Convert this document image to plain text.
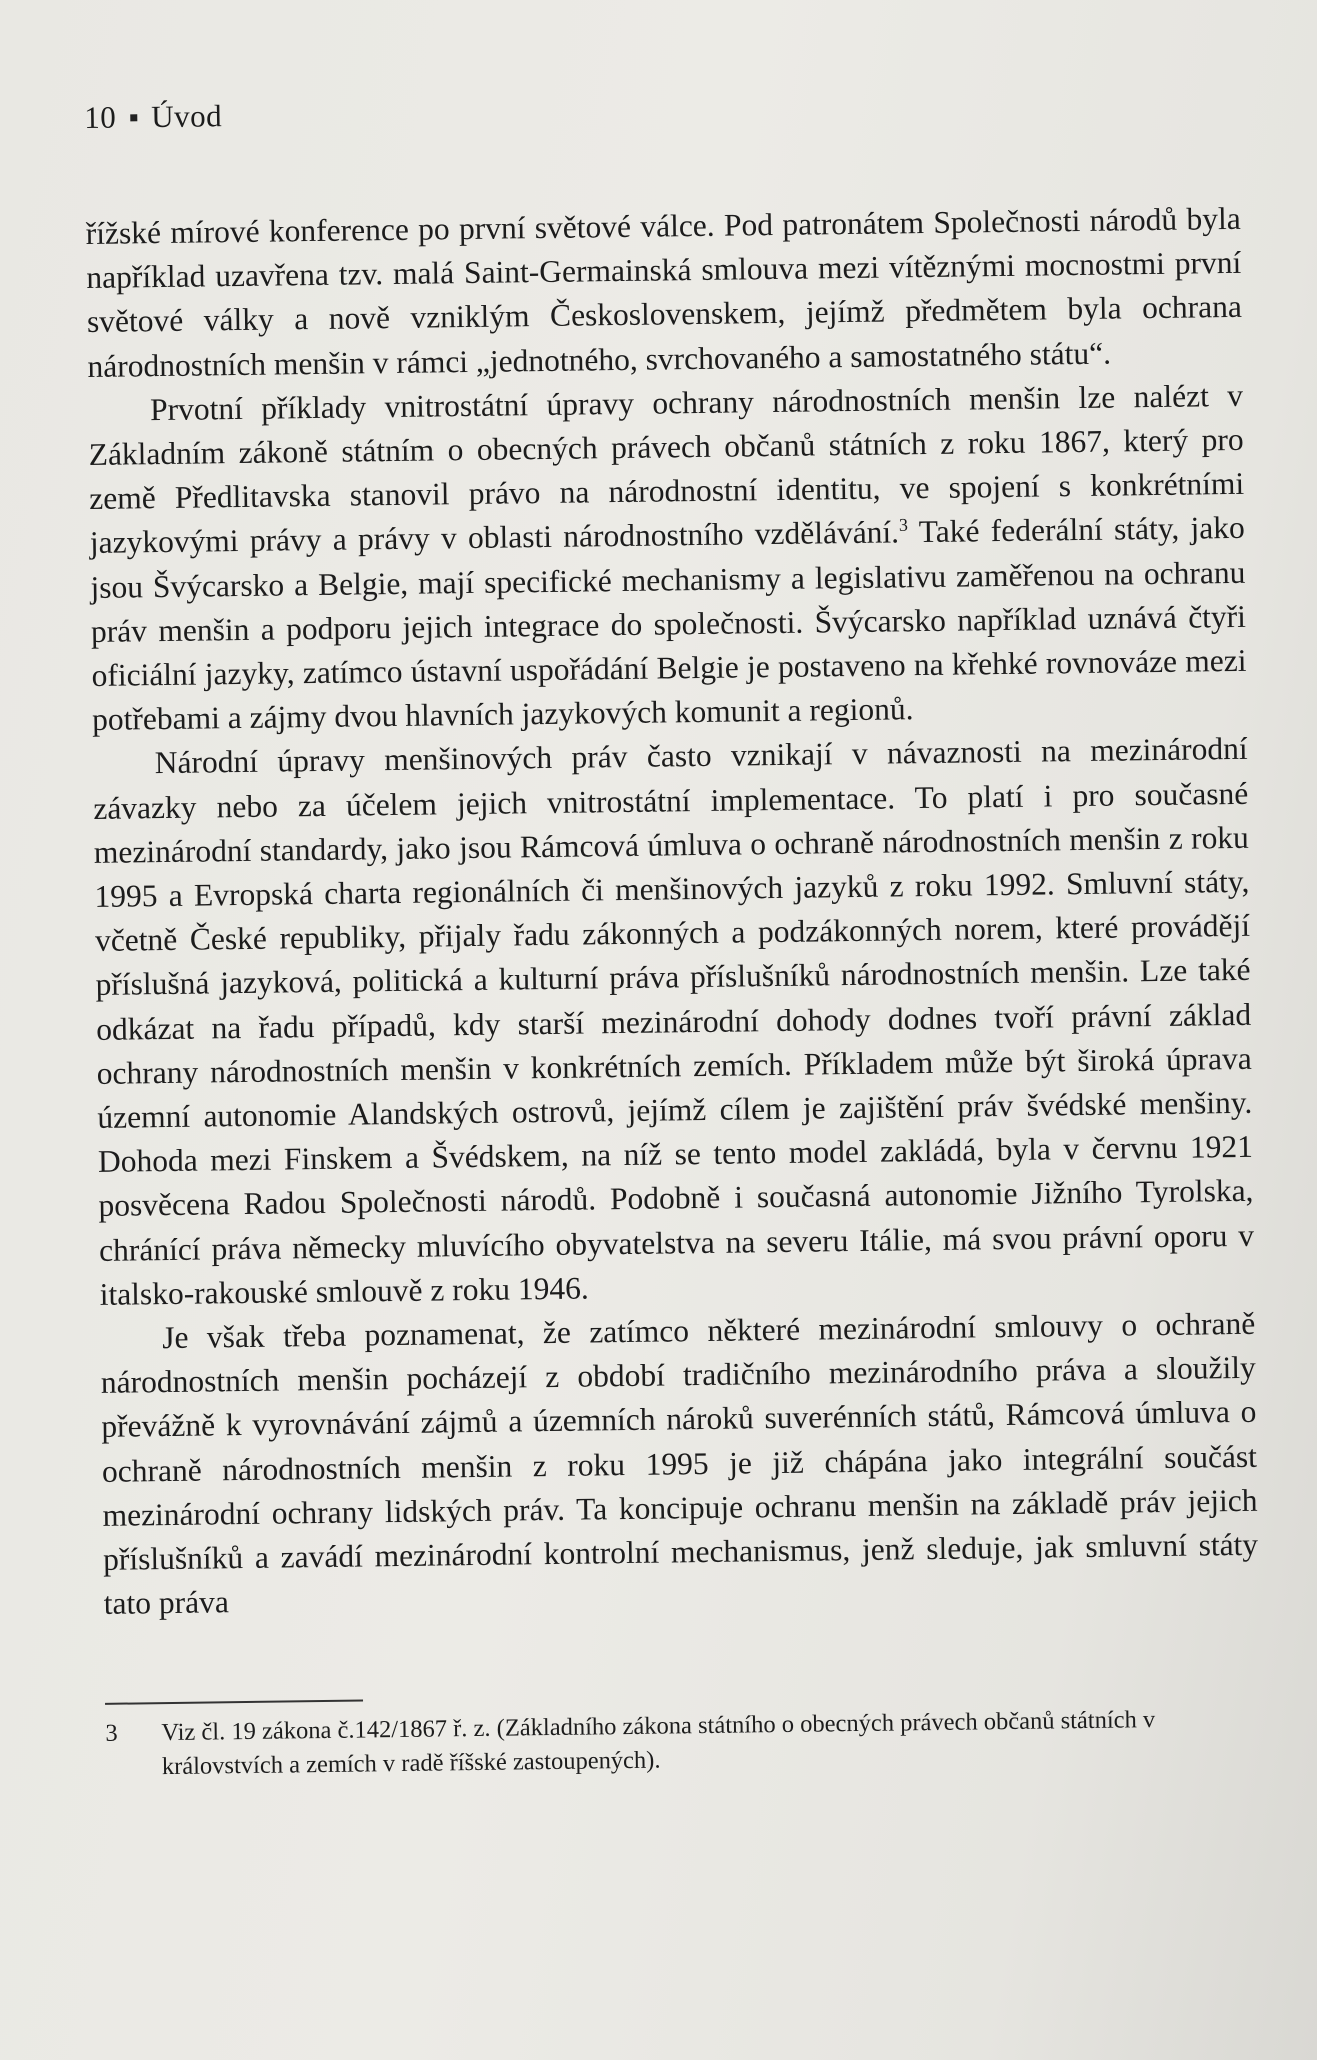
10 Úvod

řížské mírové konference po první světové válce. Pod patronátem Společnosti národů byla například uzavřena tzv. malá Saint-Germainská smlouva mezi vítěznými mocnostmi první světové války a nově vzniklým Československem, jejímž předmětem byla ochrana národnostních menšin v rámci „jednotného, svrchovaného a samostatného státu“.

Prvotní příklady vnitrostátní úpravy ochrany národnostních menšin lze nalézt v Základním zákoně státním o obecných právech občanů státních z roku 1867, který pro země Předlitavska stanovil právo na národnostní identitu, ve spojení s konkrétními jazykovými právy a právy v oblasti národnostního vzdělávání.$^3$ Také federální státy, jako jsou Švýcarsko a Belgie, mají specifické mechanismy a legislativu zaměřenou na ochranu práv menšin a podporu jejich integrace do společnosti. Švýcarsko například uznává čtyři oficiální jazyky, zatímco ústavní uspořádání Belgie je postaveno na křehké rovnováze mezi potřebami a zájmy dvou hlavních jazykových komunit a regionů.

Národní úpravy menšinových práv často vznikají v návaznosti na mezinárodní závazky nebo za účelem jejich vnitrostátní implementace. To platí i pro současné mezinárodní standardy, jako jsou Rámcová úmluva o ochraně národnostních menšin z roku 1995 a Evropská charta regionálních či menšinových jazyků z roku 1992. Smluvní státy, včetně České republiky, přijaly řadu zákonných a podzákonných norem, které provádějí příslušná jazyková, politická a kulturní práva příslušníků národnostních menšin. Lze také odkázat na řadu případů, kdy starší mezinárodní dohody dodnes tvoří právní základ ochrany národnostních menšin v konkrétních zemích. Příkladem může být široká úprava územní autonomie Alandských ostrovů, jejímž cílem je zajištění práv švédské menšiny. Dohoda mezi Finskem a Švédskem, na níž se tento model zakládá, byla v červnu 1921 posvěcena Radou Společnosti národů. Podobně i současná autonomie Jižního Tyrolska, chránící práva německy mluvícího obyvatelstva na severu Itálie, má svou právní oporu v italsko-rakouské smlouvě z roku 1946.

Je však třeba poznamenat, že zatímco některé mezinárodní smlouvy o ochraně národnostních menšin pocházejí z období tradičního mezinárodního práva a sloužily převážně k vyrovnávání zájmů a územních nároků suverénních států, Rámcová úmluva o ochraně národnostních menšin z roku 1995 je již chápána jako integrální součást mezinárodní ochrany lidských práv. Ta koncipuje ochranu menšin na základě práv jejich příslušníků a zavádí mezinárodní kontrolní mechanismus, jenž sleduje, jak smluvní státy tato práva

3	Viz čl. 19 zákona č.142/1867 ř. z. (Základního zákona státního o obecných právech občanů státních v královstvích a zemích v radě říšské zastoupených).
